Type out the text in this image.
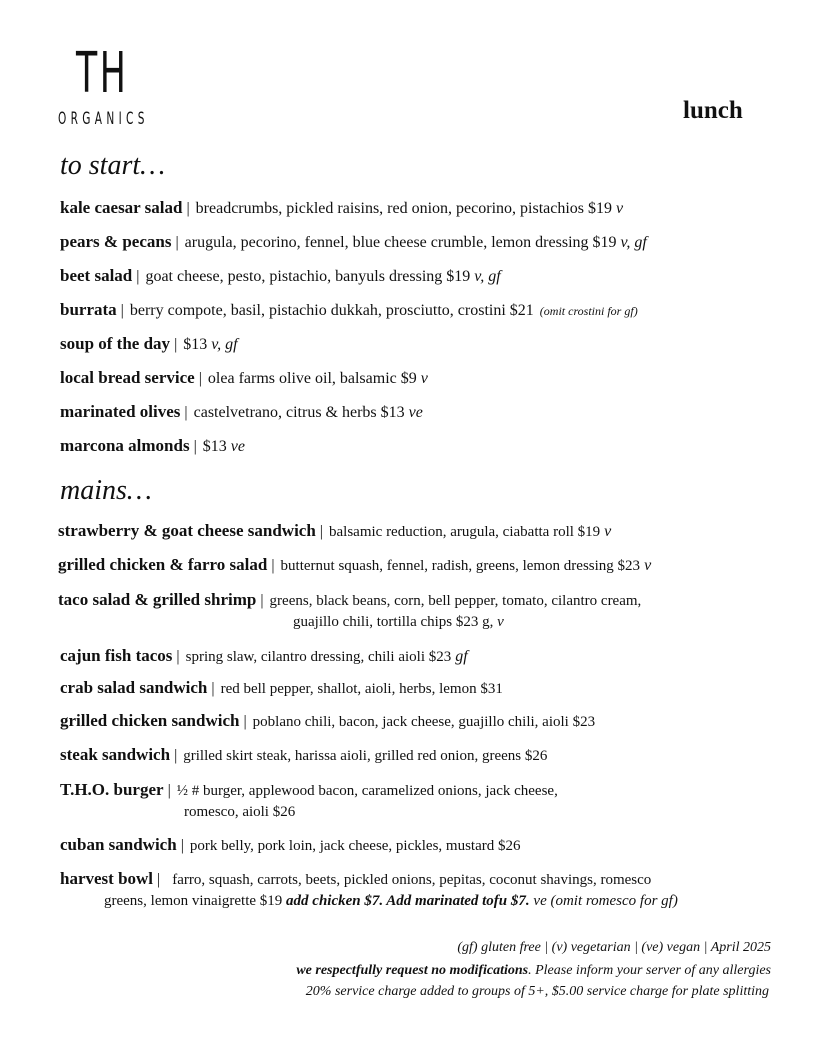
TH
ORGANICS	lunch
to start…
kale caesar salad | breadcrumbs, pickled raisins, red onion, pecorino, pistachios $19 v
pears & pecans | arugula, pecorino, fennel, blue cheese crumble, lemon dressing $19 v, gf
beet salad | goat cheese, pesto, pistachio, banyuls dressing $19 v, gf
burrata | berry compote, basil, pistachio dukkah, prosciutto, crostini $21 (omit crostini for gf)
soup of the day | $13 v, gf
local bread service | olea farms olive oil, balsamic $9 v
marinated olives | castelvetrano, citrus & herbs $13 ve
marcona almonds | $13 ve
mains…
strawberry & goat cheese sandwich | balsamic reduction, arugula, ciabatta roll $19 v
grilled chicken & farro salad | butternut squash, fennel, radish, greens, lemon dressing $23 v
taco salad & grilled shrimp | greens, black beans, corn, bell pepper, tomato, cilantro cream,
guajillo chili, tortilla chips $23 g, v
cajun fish tacos | spring slaw, cilantro dressing, chili aioli $23 gf
crab salad sandwich | red bell pepper, shallot, aioli, herbs, lemon $31
grilled chicken sandwich | poblano chili, bacon, jack cheese, guajillo chili, aioli $23
steak sandwich | grilled skirt steak, harissa aioli, grilled red onion, greens $26
T.H.O. burger | ½ # burger, applewood bacon, caramelized onions, jack cheese,
romesco, aioli $26
cuban sandwich | pork belly, pork loin, jack cheese, pickles, mustard $26
harvest bowl | farro, squash, carrots, beets, pickled onions, pepitas, coconut shavings, romesco
greens, lemon vinaigrette $19 add chicken $7. Add marinated tofu $7. ve (omit romesco for gf)
(gf) gluten free | (v) vegetarian | (ve) vegan | April 2025
we respectfully request no modifications. Please inform your server of any allergies
20% service charge added to groups of 5+, $5.00 service charge for plate splitting
